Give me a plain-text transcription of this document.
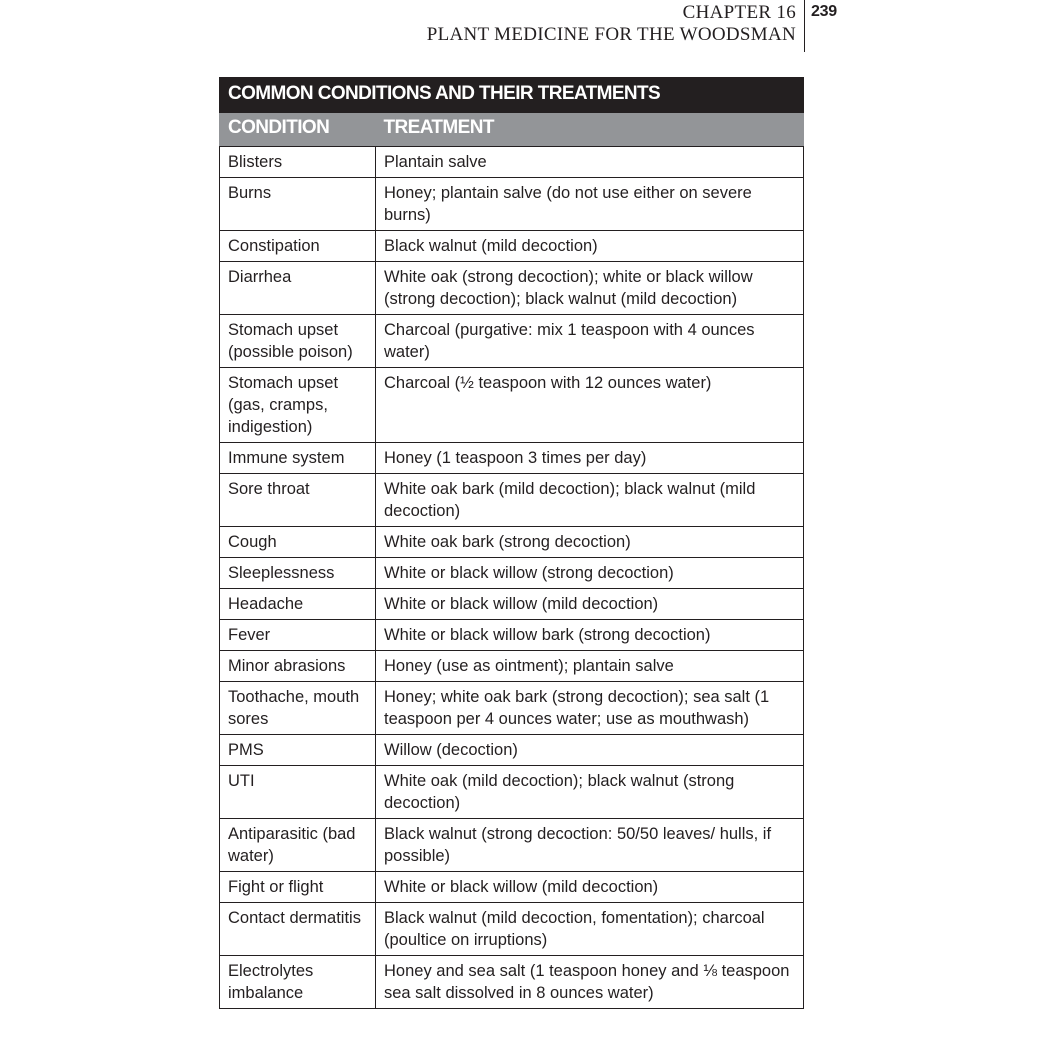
CHAPTER 16
PLANT MEDICINE FOR THE WOODSMAN
239
COMMON CONDITIONS AND THEIR TREATMENTS	
CONDITION	TREATMENT
Blisters	Plantain salve
Burns	Honey; plantain salve (do not use either on severe burns)
Constipation	Black walnut (mild decoction)
Diarrhea	White oak (strong decoction); white or black willow (strong decoction); black walnut (mild decoction)
Stomach upset (possible poison)	Charcoal (purgative: mix 1 teaspoon with 4 ounces water)
Stomach upset (gas, cramps, indigestion)	Charcoal (½ teaspoon with 12 ounces water)
Immune system	Honey (1 teaspoon 3 times per day)
Sore throat	White oak bark (mild decoction); black walnut (mild decoction)
Cough	White oak bark (strong decoction)
Sleeplessness	White or black willow (strong decoction)
Headache	White or black willow (mild decoction)
Fever	White or black willow bark (strong decoction)
Minor abrasions	Honey (use as ointment); plantain salve
Toothache, mouth sores	Honey; white oak bark (strong decoction); sea salt (1 teaspoon per 4 ounces water; use as mouthwash)
PMS	Willow (decoction)
UTI	White oak (mild decoction); black walnut (strong decoction)
Antiparasitic (bad water)	Black walnut (strong decoction: 50/50 leaves/ hulls, if possible)
Fight or flight	White or black willow (mild decoction)
Contact dermatitis	Black walnut (mild decoction, fomentation); charcoal (poultice on irruptions)
Electrolytes imbalance	Honey and sea salt (1 teaspoon honey and ⅛ teaspoon sea salt dissolved in 8 ounces water)
